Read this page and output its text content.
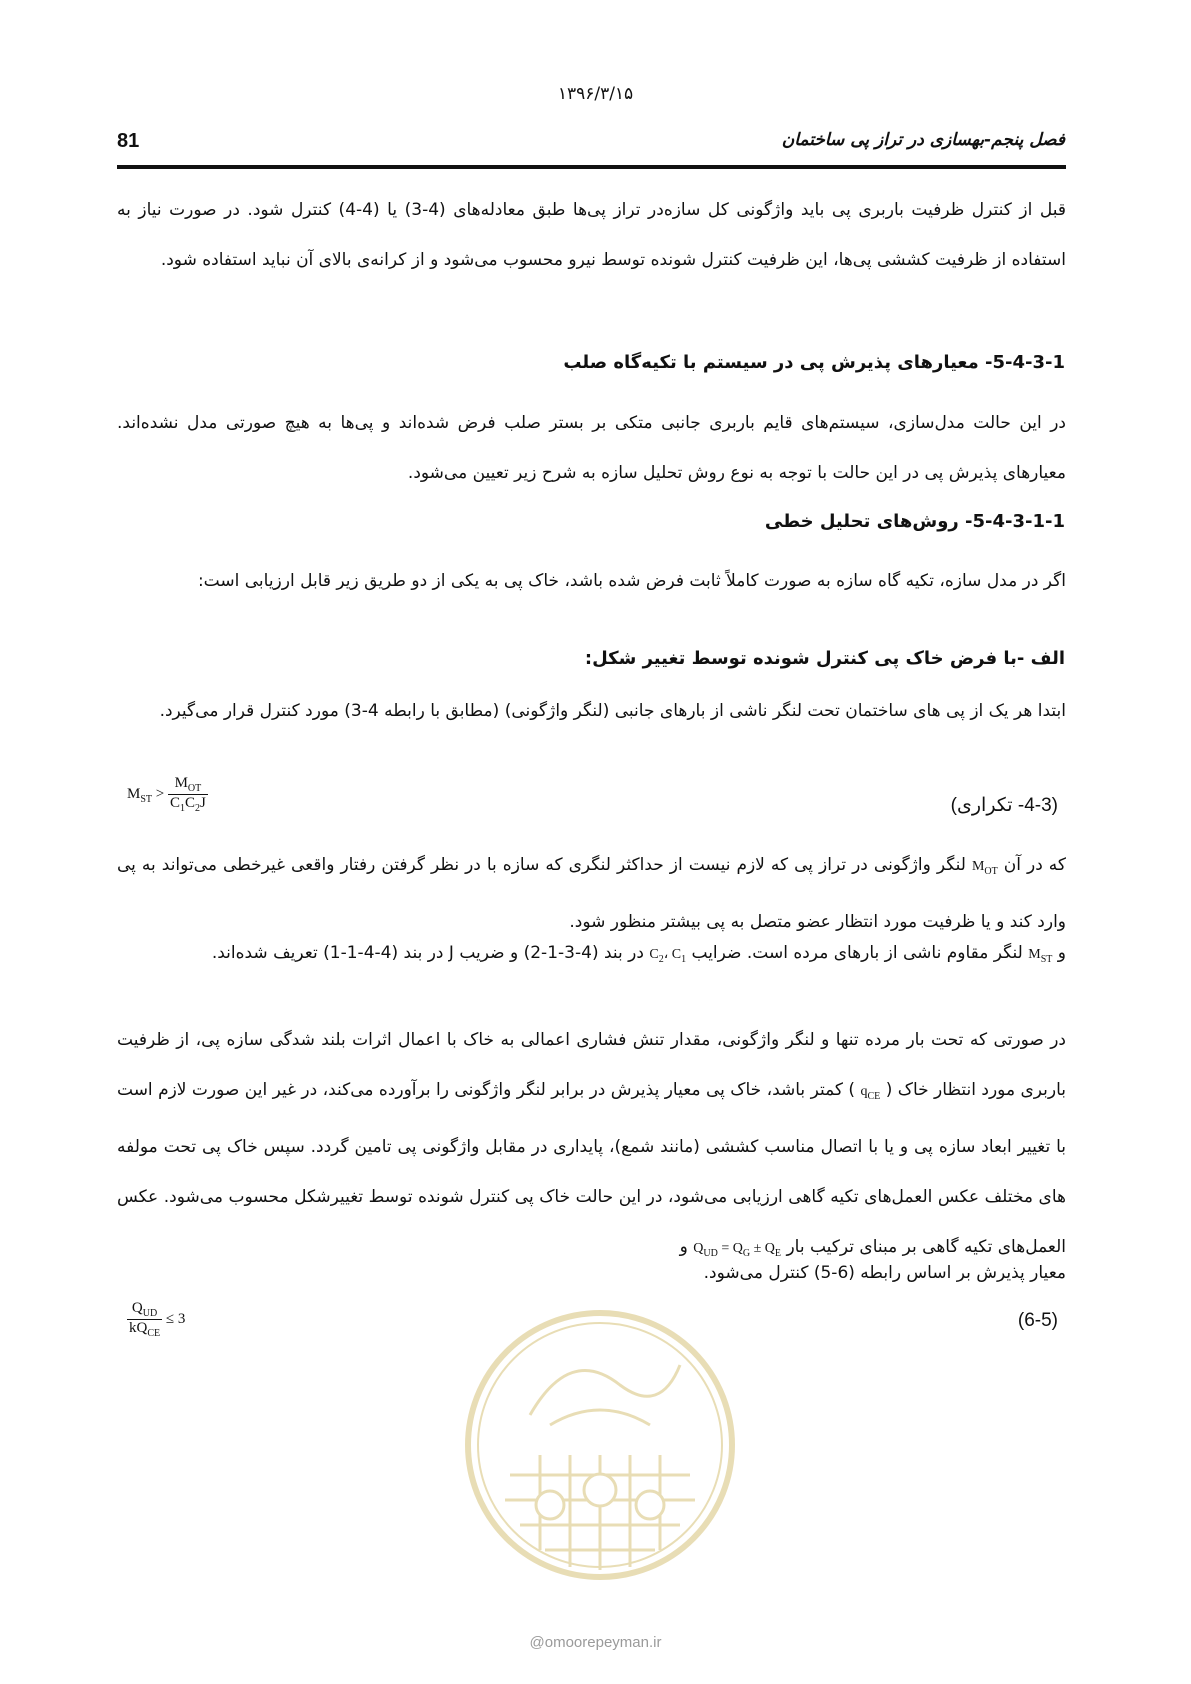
۱۳۹۶/۳/۱۵
81	فصل پنجم-بهسازی در تراز پی ساختمان
قبل از کنترل ظرفیت باربری پی باید واژگونی کل سازه‌در تراز پی‌ها طبق معادله‌های (4-3) یا (4-4) کنترل شود. در صورت نیاز به استفاده از ظرفیت کششی پی‌ها، این ظرفیت کنترل شونده توسط نیرو محسوب می‌شود و از کرانه‌ی بالای آن نباید استفاده شود.
5-4-3-1- معیارهای پذیرش پی در سیستم با تکیه‌گاه صلب
در این حالت مدل‌سازی، سیستم‌های قایم باربری جانبی متکی بر بستر صلب فرض شده‌اند و پی‌ها به هیچ صورتی مدل نشده‌اند. معیارهای پذیرش پی در این حالت با توجه به نوع روش تحلیل سازه به شرح زیر تعیین می‌شود.
5-4-3-1-1- روش‌های تحلیل خطی
اگر در مدل سازه، تکیه گاه سازه به صورت کاملاً ثابت فرض شده باشد، خاک پی به یکی از دو طریق زیر قابل ارزیابی است:
الف -با فرض خاک پی کنترل شونده توسط تغییر شکل:
ابتدا هر یک از پی های ساختمان تحت لنگر ناشی از بارهای جانبی (لنگر واژگونی) (مطابق با رابطه 4-3) مورد کنترل قرار می‌گیرد.
$M_{ST} > \frac{M_{OT}}{C_1C_2J}$	(4-3- تکراری)
که در آن $M_{OT}$ لنگر واژگونی در تراز پی که لازم نیست از حداکثر لنگری که سازه با در نظر گرفتن رفتار واقعی غیرخطی می‌تواند به پی وارد کند و یا ظرفیت مورد انتظار عضو متصل به پی بیشتر منظور شود.
و $M_{ST}$ لنگر مقاوم ناشی از بارهای مرده است. ضرایب $C_2،$ $C_1$ در بند (4-3-1-2) و ضریب J در بند (4-4-1-1) تعریف شده‌اند.
در صورتی که تحت بار مرده تنها و لنگر واژگونی، مقدار تنش فشاری اعمالی به خاک با اعمال اثرات بلند شدگی سازه پی، از ظرفیت باربری مورد انتظار خاک ( $q_{CE}$ ) کمتر باشد، خاک پی معیار پذیرش در برابر لنگر واژگونی را برآورده می‌کند، در غیر این صورت لازم است با تغییر ابعاد سازه پی و یا با اتصال مناسب کششی (مانند شمع)، پایداری در مقابل واژگونی پی تامین گردد. سپس خاک پی تحت مولفه های مختلف عکس العمل‌های تکیه گاهی ارزیابی می‌شود، در این حالت خاک پی کنترل شونده توسط تغییرشکل محسوب می‌شود. عکس العمل‌های تکیه گاهی بر مبنای ترکیب بار $Q_{UD} = Q_G \pm Q_E$ و
معیار پذیرش بر اساس رابطه (6-5) کنترل می‌شود.
$\frac{Q_{UD}}{kQ_{CE}} \le 3$	(6-5)
@omoorepeyman.ir
